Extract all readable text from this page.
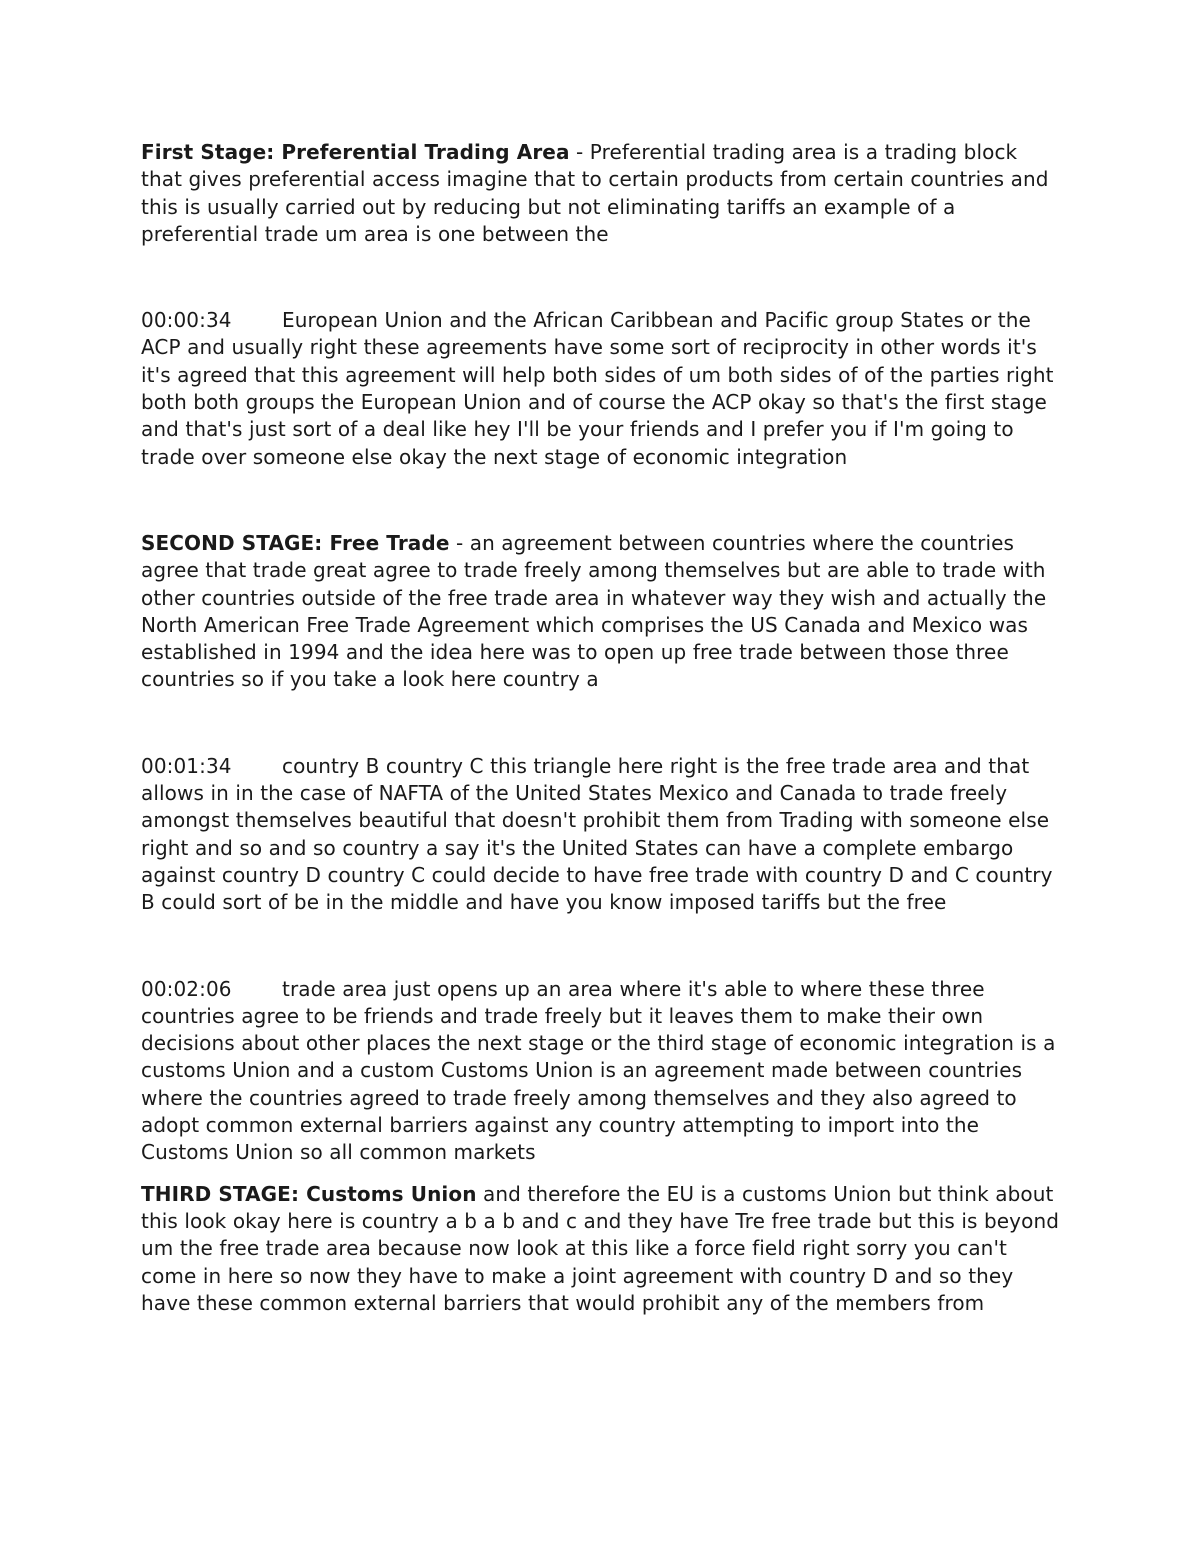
First Stage: Preferential Trading Area - Preferential trading area is a trading block that gives preferential access imagine that to certain products from certain countries and this is usually carried out by reducing but not eliminating tariffs an example of a preferential trade um area is one between the

00:00:34	European Union and the African Caribbean and Pacific group States or the ACP and usually right these agreements have some sort of reciprocity in other words it's it's agreed that this agreement will help both sides of um both sides of of the parties right both both groups the European Union and of course the ACP okay so that's the first stage and that's just sort of a deal like hey I'll be your friends and I prefer you if I'm going to trade over someone else okay the next stage of economic integration

SECOND STAGE: Free Trade - an agreement between countries where the countries agree that trade great agree to trade freely among themselves but are able to trade with other countries outside of the free trade area in whatever way they wish and actually the North American Free Trade Agreement which comprises the US Canada and Mexico was established in 1994 and the idea here was to open up free trade between those three countries so if you take a look here country a

00:01:34	country B country C this triangle here right is the free trade area and that allows in in the case of NAFTA of the United States Mexico and Canada to trade freely amongst themselves beautiful that doesn't prohibit them from Trading with someone else right and so and so country a say it's the United States can have a complete embargo against country D country C could decide to have free trade with country D and C country B could sort of be in the middle and have you know imposed tariffs but the free

00:02:06	trade area just opens up an area where it's able to where these three countries agree to be friends and trade freely but it leaves them to make their own decisions about other places the next stage or the third stage of economic integration is a customs Union and a custom Customs Union is an agreement made between countries where the countries agreed to trade freely among themselves and they also agreed to adopt common external barriers against any country attempting to import into the Customs Union so all common markets

THIRD STAGE: Customs Union and therefore the EU is a customs Union but think about this look okay here is country a b a b and c and they have Tre free trade but this is beyond um the free trade area because now look at this like a force field right sorry you can't come in here so now they have to make a joint agreement with country D and so they have these common external barriers that would prohibit any of the members from
